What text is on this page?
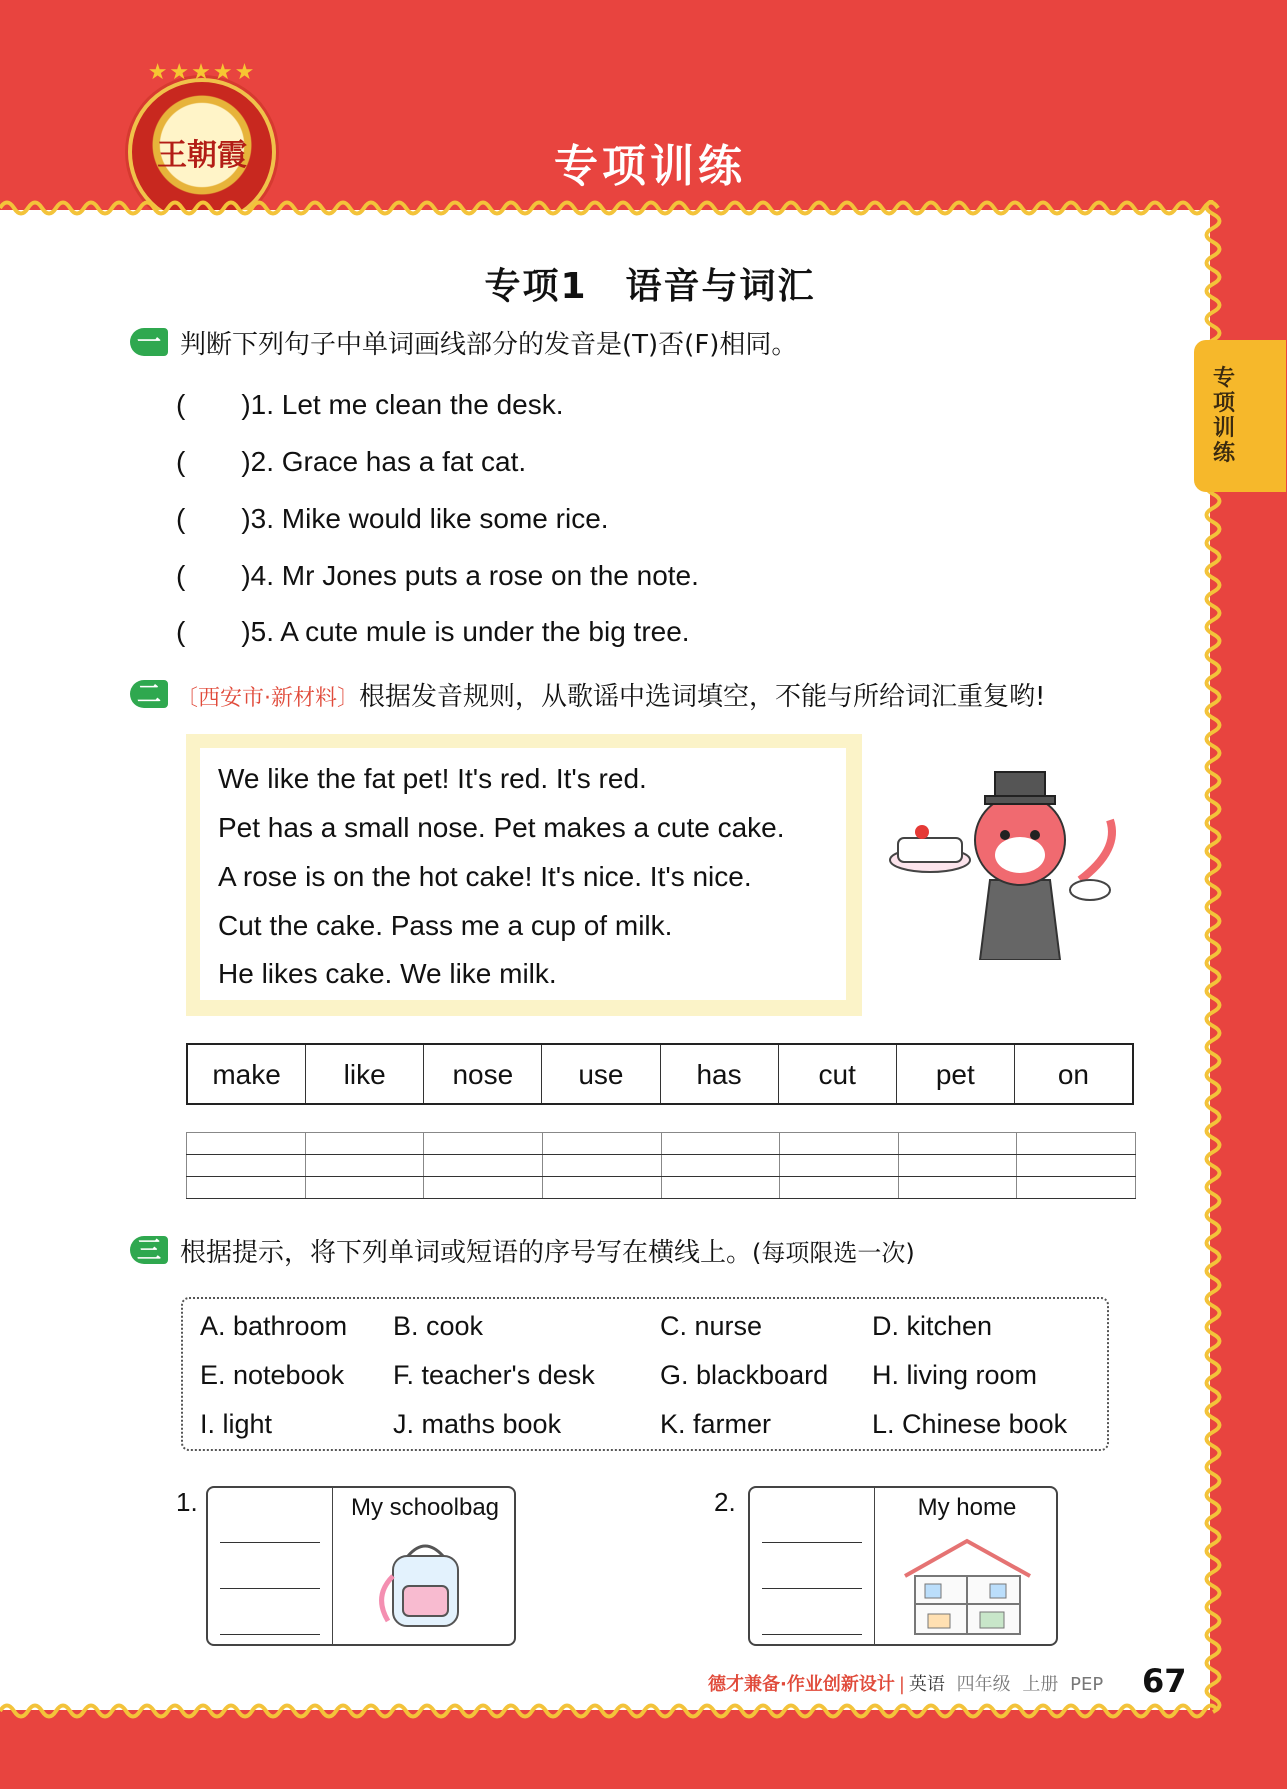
★★★★★
王朝霞	专项训练
专项训练
专项1　语音与词汇
一 判断下列句子中单词画线部分的发音是(T)否(F)相同。
(　　)1. Let me clean the desk.
(　　)2. Grace has a fat cat.
(　　)3. Mike would like some rice.
(　　)4. Mr Jones puts a rose on the note.
(　　)5. A cute mule is under the big tree.
二 〔西安市·新材料〕根据发音规则，从歌谣中选词填空，不能与所给词汇重复哟!
We like the fat pet! It's red. It's red.
Pet has a small nose. Pet makes a cute cake.
A rose is on the hot cake! It's nice. It's nice.
Cut the cake. Pass me a cup of milk.
He likes cake. We like milk.
make	like	nose	use	has	cut	pet	on
三 根据提示，将下列单词或短语的序号写在横线上。(每项限选一次)
A. bathroom B. cook	C. nurse	D. kitchen
E. notebook F. teacher's desk G. blackboard H. living room
I. light	J. maths book	K. farmer	L. Chinese book
1.	My schoolbag	2.	My home
德才兼备·作业创新设计 | 英语 四年级 上册 PEP 67
